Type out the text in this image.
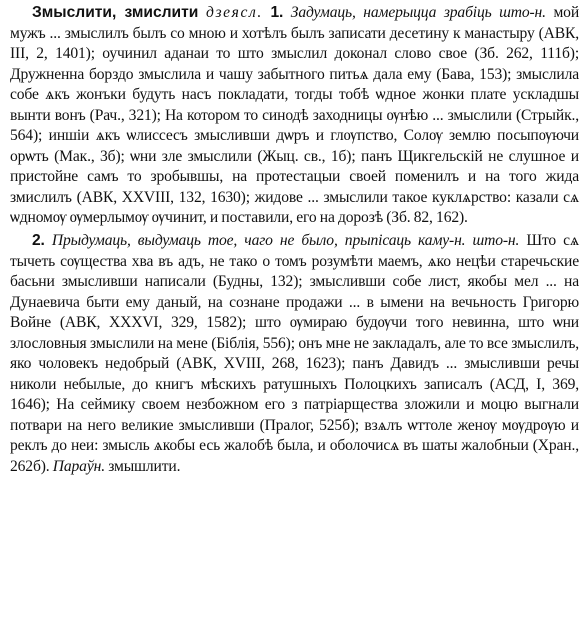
Змыслити, змислити дзеясл. 1. Задумаць, намерыцца зрабіць што-н. мой мужъ ... змыслилъ былъ со мною и хотѣлъ былъ записати десетину к манастыру (АВК, III, 2, 1401); оучинил аданаи то што змыслил доконал слово свое (Зб. 262, 111б); Дружненна борздо змыслила и чашу забытного питьѧ дала ему (Бава, 153); змыслила собе ѧкъ жонъки будуть насъ покладати, тогды тобѣ ѡдное жонки плате ускладшы вынти вонъ (Рач., 321); На котором то синодѣ заходницы ѹнѣю ... змыслили (Стрыйк., 564); иншiи ѧкъ ѡлиссесъ змысливши дѡръ и глѹпство, Солѹ землю посыпѹючи орѡть (Мак., 3б); ѡни зле змыслили (Жыц. св., 1б); панъ Щикгельскiй не слушное и пристойне самъ то зробывшы, на протестацыи своей поменилъ и на того жида змислилъ (АВК, XXVIII, 132, 1630); жидове ... змыслили такое куклѧрство: казали сѧ ѡдномѹ ѹмерлымѹ ѹчинит, и поставили, его на дорозѣ (Зб. 82, 162).

2. Прыдумаць, выдумаць тое, чаго не было, прыпісаць каму-н. што-н. Што сѧ тычеть сѹщества хва въ адъ, не тако о томъ розумѣти маемъ, ѧко нецѣи старечьские басьни змысливши написали (Будны, 132); змысливши собе лист, якобы мел ... на Дунаевича быти ему даный, на сознане продажи ... в ымени на вечьность Григорю Войне (АВК, XXXVI, 329, 1582); што ѹмираю будѹчи того невинна, што ѡни злословныя змыслили на мене (Біблія, 556); онъ мне не закладалъ, але то все змыслилъ, яко чоловекъ недобрый (АВК, XVIII, 268, 1623); панъ Давидъ ... змысливши речы николи небылые, до книгъ мѣскихъ ратушныхъ Полоцкихъ записалъ (АСД, I, 369, 1646); На сеймику своем незбожном его з патрiарщества зложили и моцю выгнали потвари на него великие змысливши (Пралог, 525б); взѧлъ ѡттоле женѹ мѹдрѹю и реклъ до неи: змысль ѧкобы есь жалобѣ была, и оболочисѧ въ шаты жалобныи (Хран., 262б). Параўн. змышлити.
